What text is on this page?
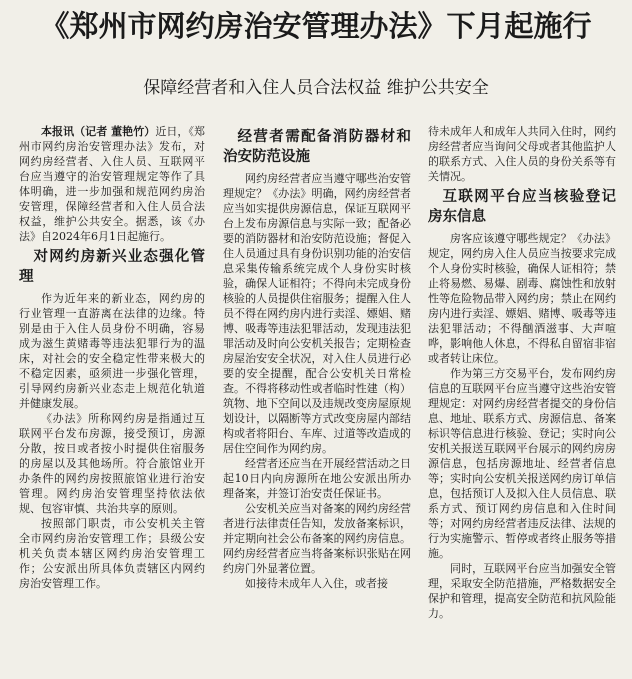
《郑州市网约房治安管理办法》下月起施行
保障经营者和入住人员合法权益 维护公共安全

本报讯（记者 董艳竹）近日，《郑州市网约房治安管理办法》发布，对网约房经营者、入住人员、互联网平台应当遵守的治安管理规定等作了具体明确，进一步加强和规范网约房治安管理，保障经营者和入住人员合法权益，维护公共安全。据悉，该《办法》自2024年6月1日起施行。

对网约房新兴业态强化管理

作为近年来的新业态，网约房的行业管理一直游离在法律的边缘。特别是由于入住人员身份不明确，容易成为滋生黄赌毒等违法犯罪行为的温床，对社会的安全稳定性带来极大的不稳定因素，亟须进一步强化管理，引导网约房新兴业态走上规范化轨道并健康发展。

《办法》所称网约房是指通过互联网平台发布房源，接受预订，房源分散，按日或者按小时提供住宿服务的房屋以及其他场所。符合旅馆业开办条件的网约房按照旅馆业进行治安管理。网约房治安管理坚持依法依规、包容审慎、共治共享的原则。

按照部门职责，市公安机关主管全市网约房治安管理工作；县级公安机关负责本辖区网约房治安管理工作；公安派出所具体负责辖区内网约房治安管理工作。

经营者需配备消防器材和治安防范设施

网约房经营者应当遵守哪些治安管理规定？《办法》明确，网约房经营者应当如实提供房源信息，保证互联网平台上发布房源信息与实际一致；配备必要的消防器材和治安防范设施；督促入住人员通过具有身份识别功能的治安信息采集传输系统完成个人身份实时核验，确保人证相符；不得向未完成身份核验的人员提供住宿服务；提醒入住人员不得在网约房内进行卖淫、嫖娼、赌博、吸毒等违法犯罪活动，发现违法犯罪活动及时向公安机关报告；定期检查房屋治安安全状况，对入住人员进行必要的安全提醒，配合公安机关日常检查。不得将移动性或者临时性建（构）筑物、地下空间以及违规改变房屋原规划设计，以隔断等方式改变房屋内部结构或者将阳台、车库、过道等改造成的居住空间作为网约房。

经营者还应当在开展经营活动之日起10日内向房源所在地公安派出所办理备案，并签订治安责任保证书。

公安机关应当对备案的网约房经营者进行法律责任告知，发放备案标识，并定期向社会公布备案的网约房信息。网约房经营者应当将备案标识张贴在网约房门外显著位置。

如接待未成年人入住，或者接

待未成年人和成年人共同入住时，网约房经营者应当询问父母或者其他监护人的联系方式、入住人员的身份关系等有关情况。

互联网平台应当核验登记房东信息

房客应该遵守哪些规定？《办法》规定，网约房入住人员应当按要求完成个人身份实时核验，确保人证相符；禁止将易燃、易爆、剧毒、腐蚀性和放射性等危险物品带入网约房；禁止在网约房内进行卖淫、嫖娼、赌博、吸毒等违法犯罪活动；不得酗酒滋事、大声喧哗，影响他人休息，不得私自留宿非宿或者转让床位。

作为第三方交易平台，发布网约房信息的互联网平台应当遵守这些治安管理规定：对网约房经营者提交的身份信息、地址、联系方式、房源信息、备案标识等信息进行核验、登记；实时向公安机关报送互联网平台展示的网约房房源信息，包括房源地址、经营者信息等；实时向公安机关报送网约房订单信息，包括预订人及拟入住人员信息、联系方式、预订网约房信息和入住时间等；对网约房经营者违反法律、法规的行为实施警示、暂停或者终止服务等措施。

同时，互联网平台应当加强安全管理，采取安全防范措施，严格数据安全保护和管理，提高安全防范和抗风险能力。
